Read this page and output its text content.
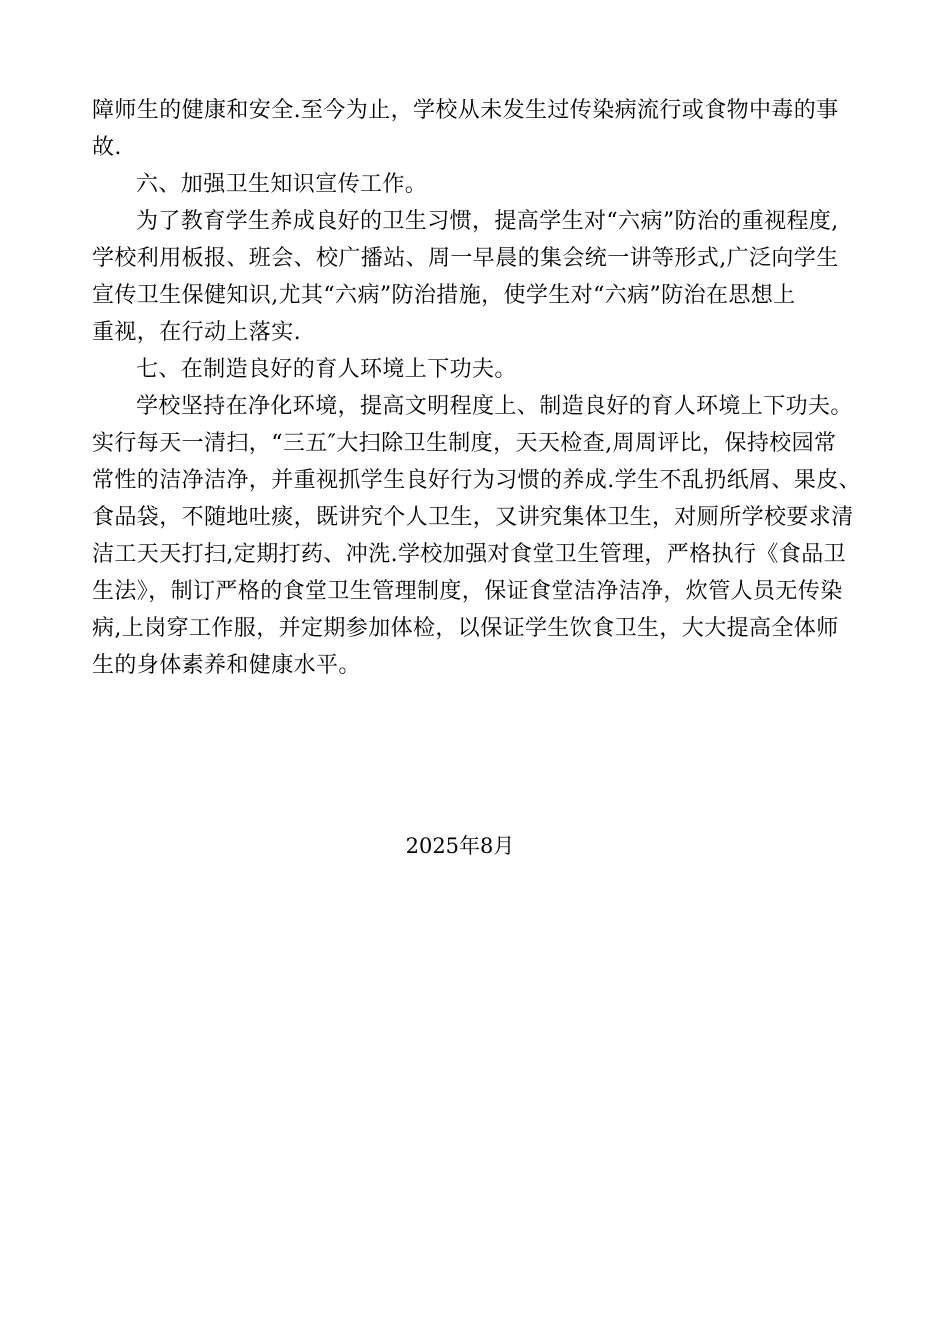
障师生的健康和安全.至今为止，学校从未发生过传染病流行或食物中毒的事
故.
六、加强卫生知识宣传工作。
为了教育学生养成良好的卫生习惯，提高学生对“六病”防治的重视程度,
学校利用板报、班会、校广播站、周一早晨的集会统一讲等形式,广泛向学生
宣传卫生保健知识,尤其“六病”防治措施，使学生对“六病”防治在思想上
重视，在行动上落实.
七、在制造良好的育人环境上下功夫。
学校坚持在净化环境，提高文明程度上、制造良好的育人环境上下功夫。
实行每天一清扫，“三五″大扫除卫生制度，天天检查,周周评比，保持校园常
常性的洁净洁净，并重视抓学生良好行为习惯的养成.学生不乱扔纸屑、果皮、
食品袋，不随地吐痰，既讲究个人卫生，又讲究集体卫生，对厕所学校要求清
洁工天天打扫,定期打药、冲洗.学校加强对食堂卫生管理，严格执行《食品卫
生法》，制订严格的食堂卫生管理制度，保证食堂洁净洁净，炊管人员无传染
病,上岗穿工作服，并定期参加体检，以保证学生饮食卫生，大大提高全体师
生的身体素养和健康水平。
2025年8月
